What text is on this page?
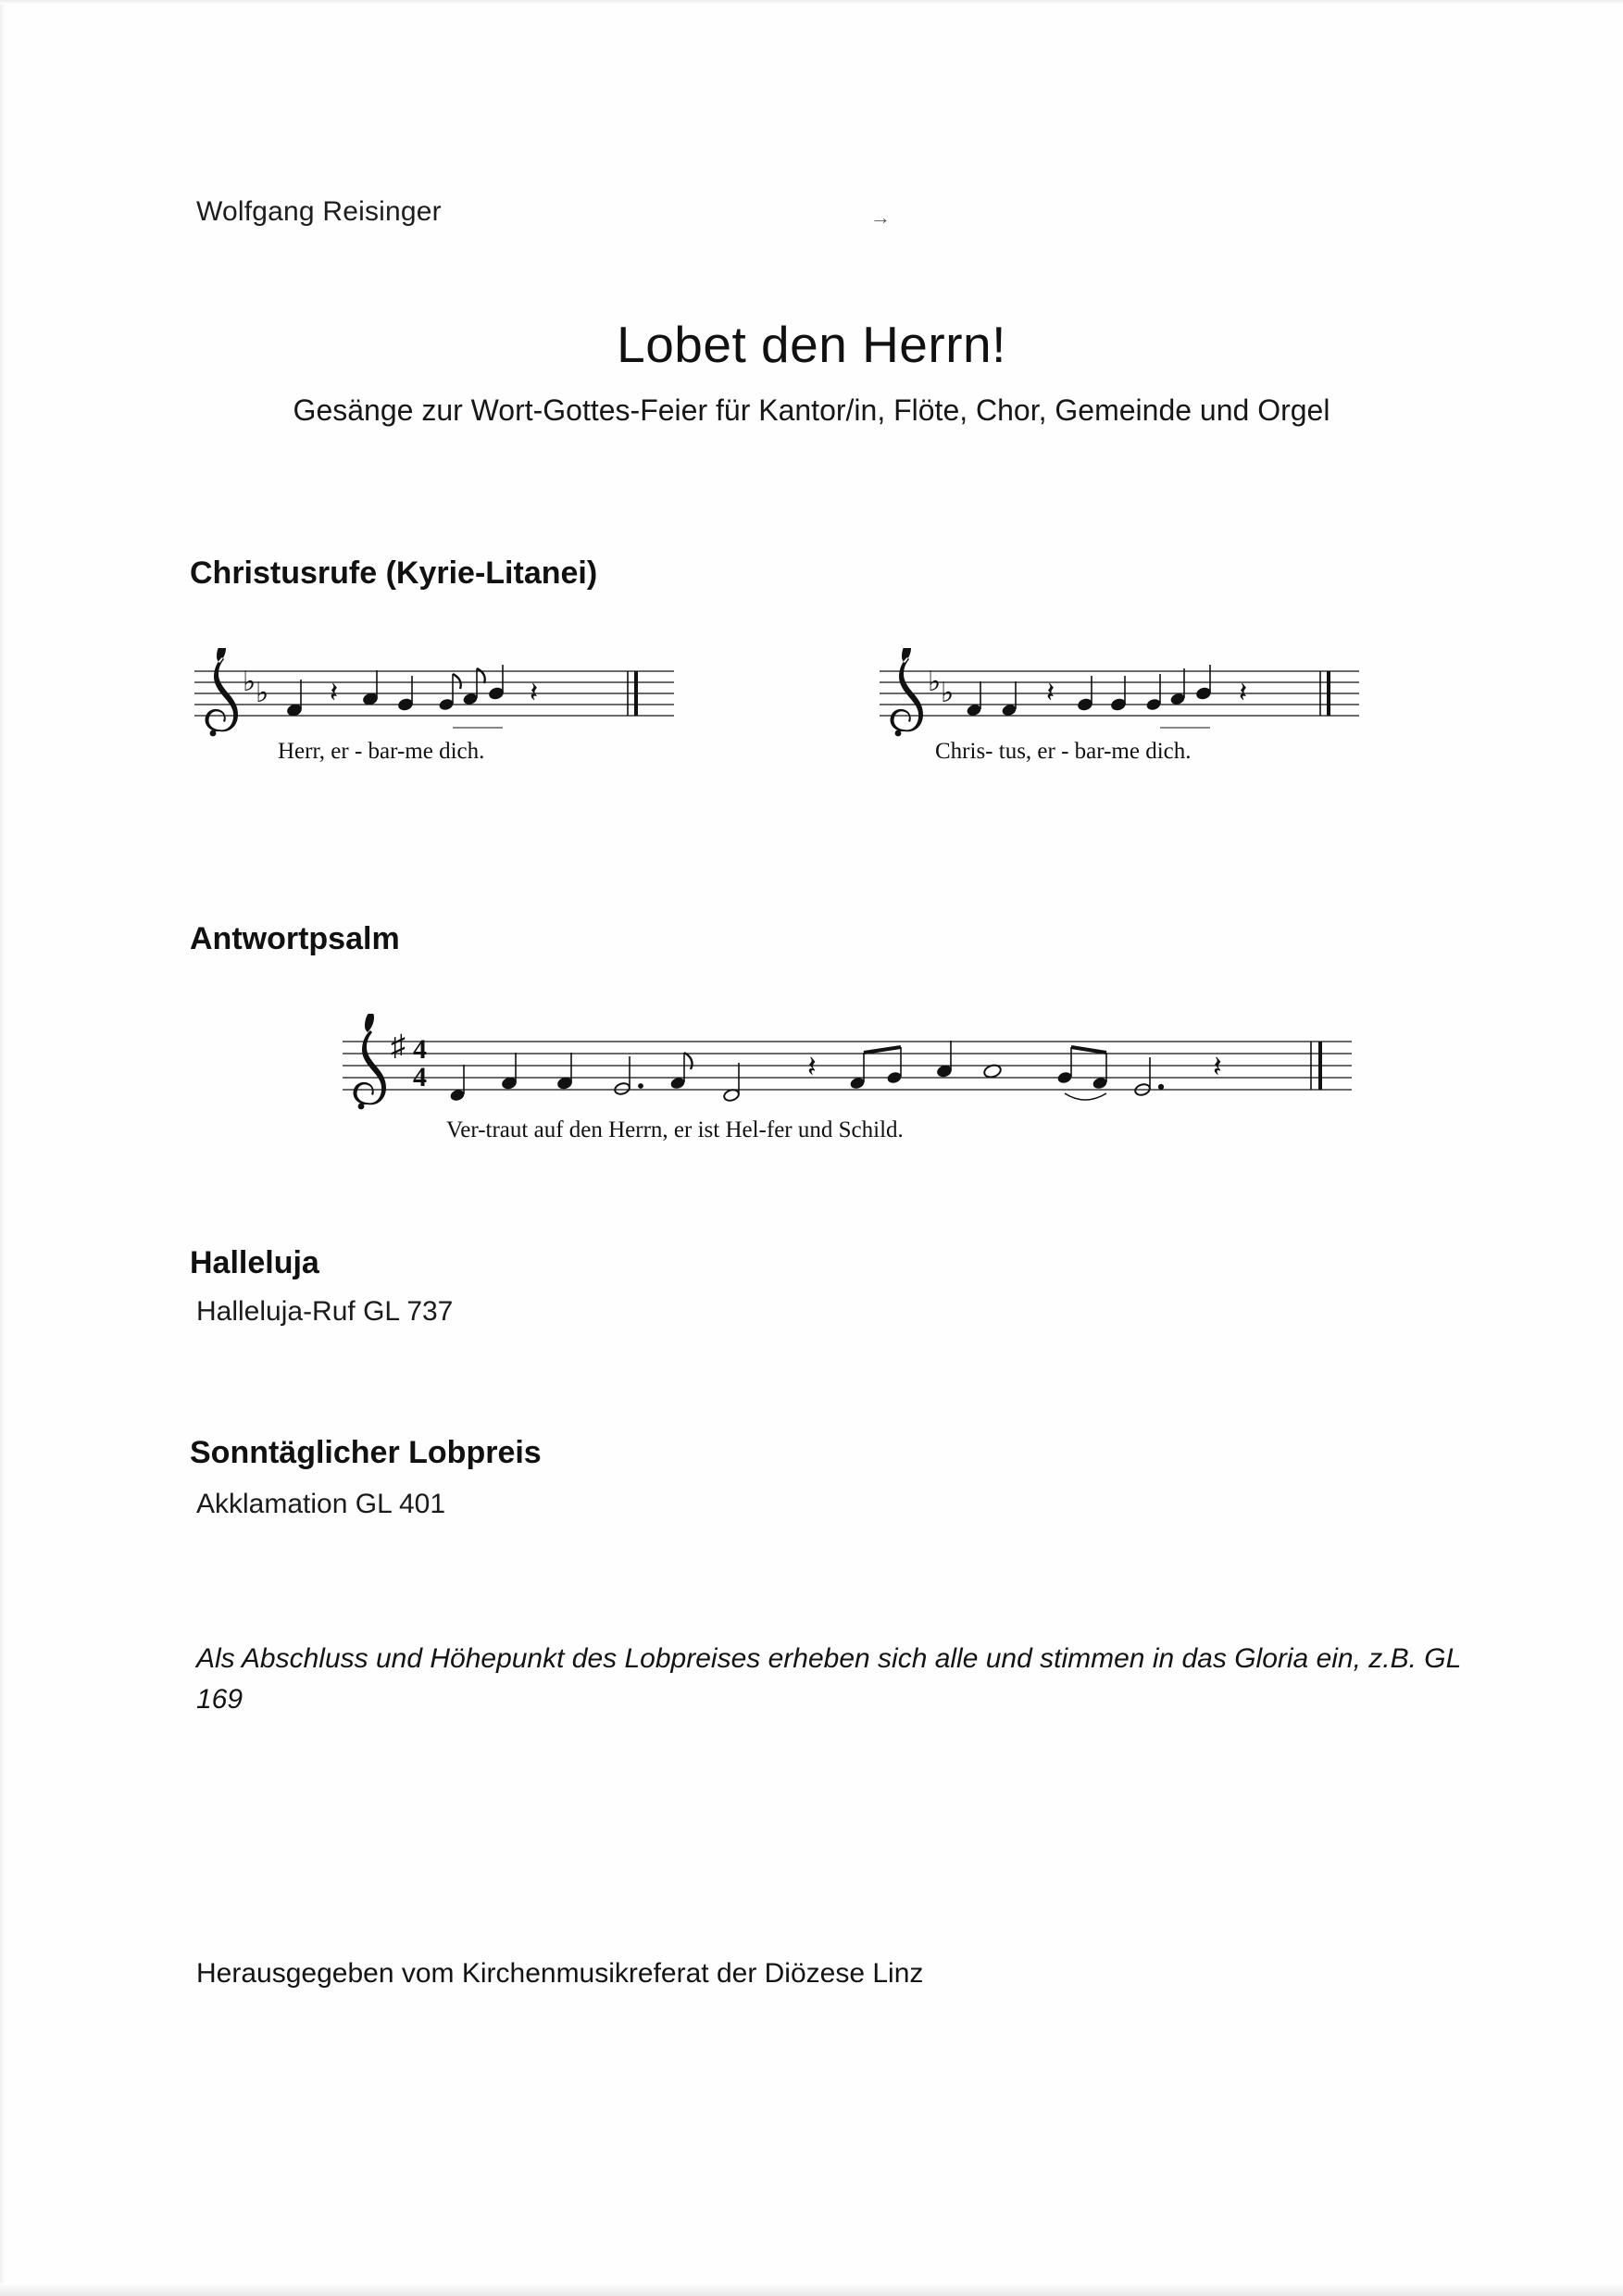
Wolfgang Reisinger	→
Lobet den Herrn!
Gesänge zur Wort-Gottes-Feier für Kantor/in, Flöte, Chor, Gemeinde und Orgel
Christusrufe (Kyrie-Litanei)
♭ ♭ 𝄽	𝄽
Herr, er - bar-me dich.
♭ ♭	𝄽	𝄽
Chris- tus, er - bar-me dich.
Antwortpsalm
♯ 4
4	𝄽	𝄽
Ver-traut auf den Herrn, er ist Hel-fer und Schild.
Halleluja
Halleluja-Ruf GL 737
Sonntäglicher Lobpreis
Akklamation GL 401
Als Abschluss und Höhepunkt des Lobpreises erheben sich alle und stimmen in das Gloria ein, z.B. GL 169
Herausgegeben vom Kirchenmusikreferat der Diözese Linz
